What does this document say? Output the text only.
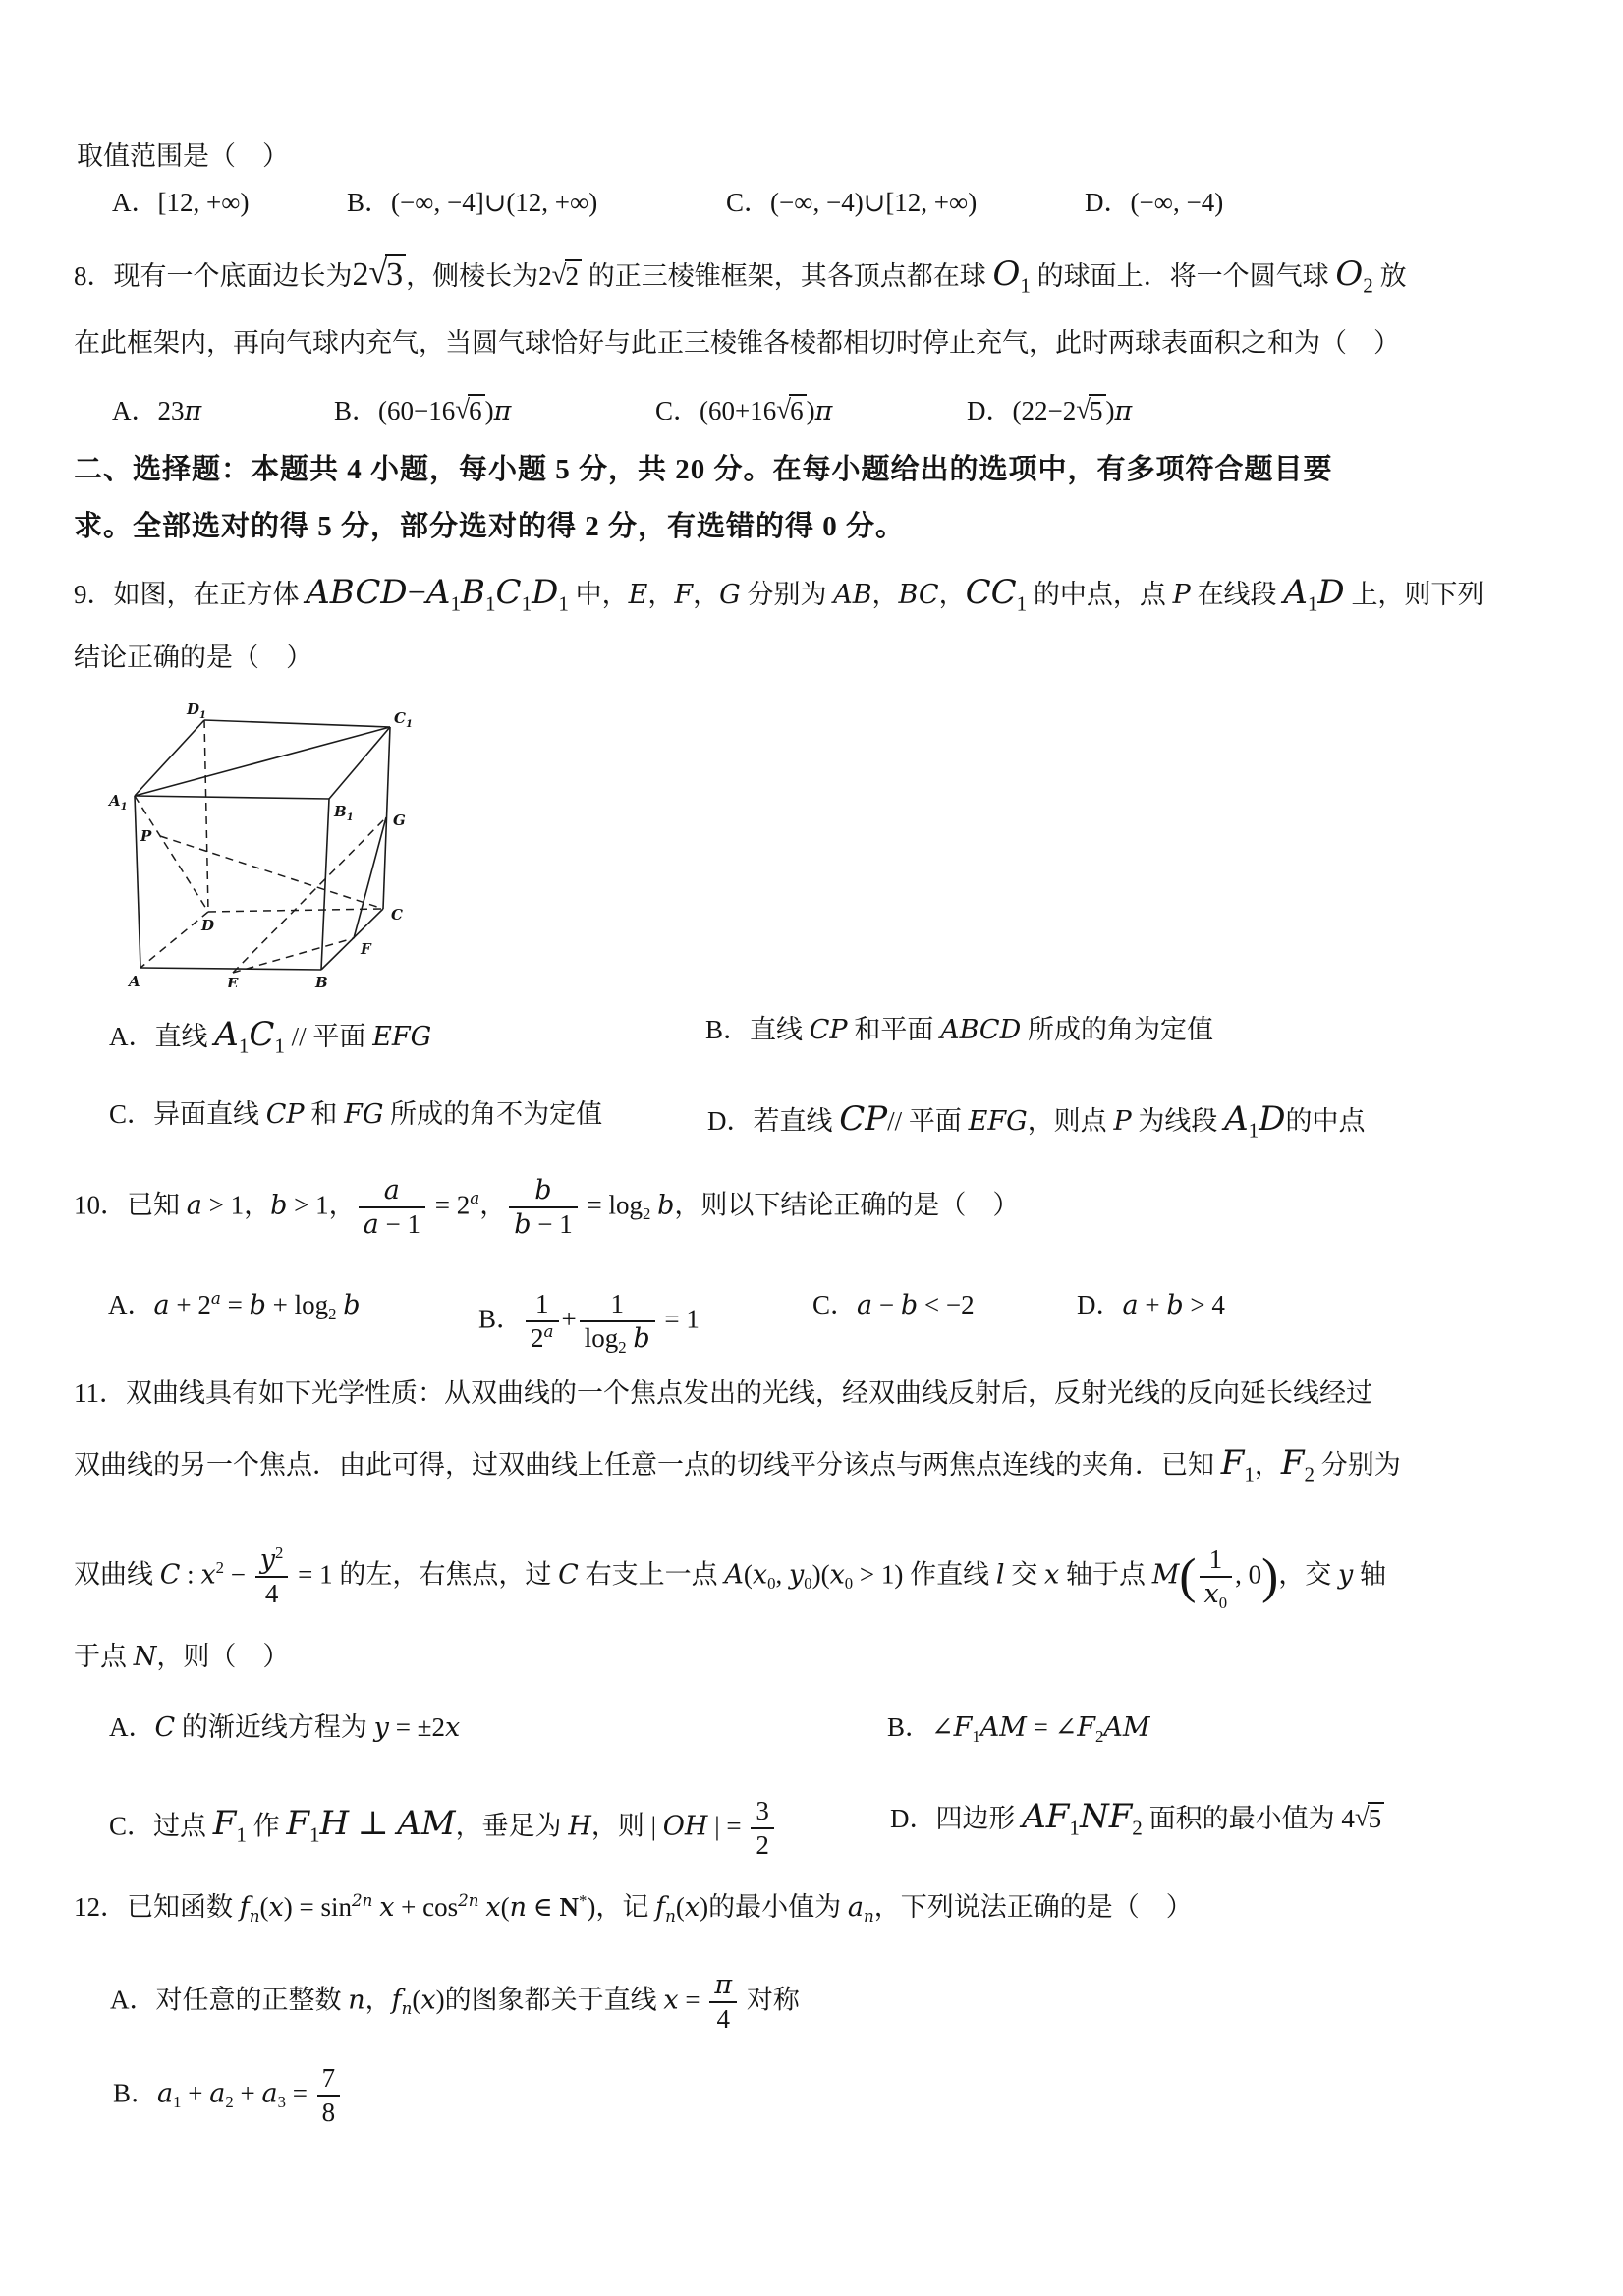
取值范围是（    ）
A．[12, +∞)	B．(−∞, −4]∪(12, +∞)	C．(−∞, −4)∪[12, +∞)	D．(−∞, −4)
8．现有一个底面边长为2√3 ，侧棱长为2√2 的正三棱锥框架，其各顶点都在球 $O_1$ 的球面上．将一个圆气球 $O_2$ 放
在此框架内，再向气球内充气，当圆气球恰好与此正三棱锥各棱都相切时停止充气，此时两球表面积之和为（    ）
A．23π	B．(60−16√6 )π	C．(60+16√6 )π	D．(22−2√5 )π
二、选择题：本题共 4 小题，每小题 5 分，共 20 分。在每小题给出的选项中，有多项符合题目要
求。全部选对的得 5 分，部分选对的得 2 分，有选错的得 0 分。
9．如图，在正方体 $ABCD-A_1B_1C_1D_1$ 中，E，F，G 分别为 AB，BC，$CC_1$ 的中点，点 P 在线段 $A_1D$ 上，则下列
结论正确的是（    ）
$A_1$	$B_1$
$C_1$
$D_1$
A	B
C
D
E
F
G
P
A．直线 $A_1C_1$ // 平面 EFG	B．直线 CP 和平面 ABCD 所成的角为定值
C．异面直线 CP 和 FG 所成的角不为定值	D．若直线 CP// 平面 EFG，则点 P 为线段 $A_1D$的中点
10．已知 a > 1，b > 1， $\frac{a}{a - 1} = 2^a$， $\frac{b}{b - 1} = \log_2 b$，则以下结论正确的是（    ）
A．$a + 2^a = b + \log_2 b$	B． $\frac{1}{2^a} + \frac{1}{\log_2 b} = 1$	C．a − b < −2	D．a + b > 4
11．双曲线具有如下光学性质：从双曲线的一个焦点发出的光线，经双曲线反射后，反射光线的反向延长线经过
双曲线的另一个焦点．由此可得，过双曲线上任意一点的切线平分该点与两焦点连线的夹角．已知 $F_1$，$F_2$ 分别为
双曲线 C : $x^2 - \frac{y^2}{4} = 1$ 的左，右焦点，过 C 右支上一点 $A(x_0$, $y_0)(x_0 > 1)$ 作直线 l 交 x 轴于点 $M( \frac{1}{x_0}$ , 0)，交 y 轴
于点 N，则（    ）
A．C 的渐近线方程为 y = ±2x	B．$\angle F_1AM$ = $\angle F_2AM$
C．过点 $F_1$ 作 $F_1H$ ⊥ AM，垂足为 H，则 | OH | = $\frac{3}{2}$	D．四边形 $AF_1NF_2$ 面积的最小值为 4√5
12．已知函数 $f_n(x) = \sin^{2n} x + \cos^{2n} x(n$ ∈ N*)，记 $f_n(x)$的最小值为 $a_n$，下列说法正确的是（    ）
A．对任意的正整数 n，$f_n(x)$的图象都关于直线 $x = \frac{\pi}{4}$ 对称
B．$a_1 + a_2 + a_3 = \frac{7}{8}$
